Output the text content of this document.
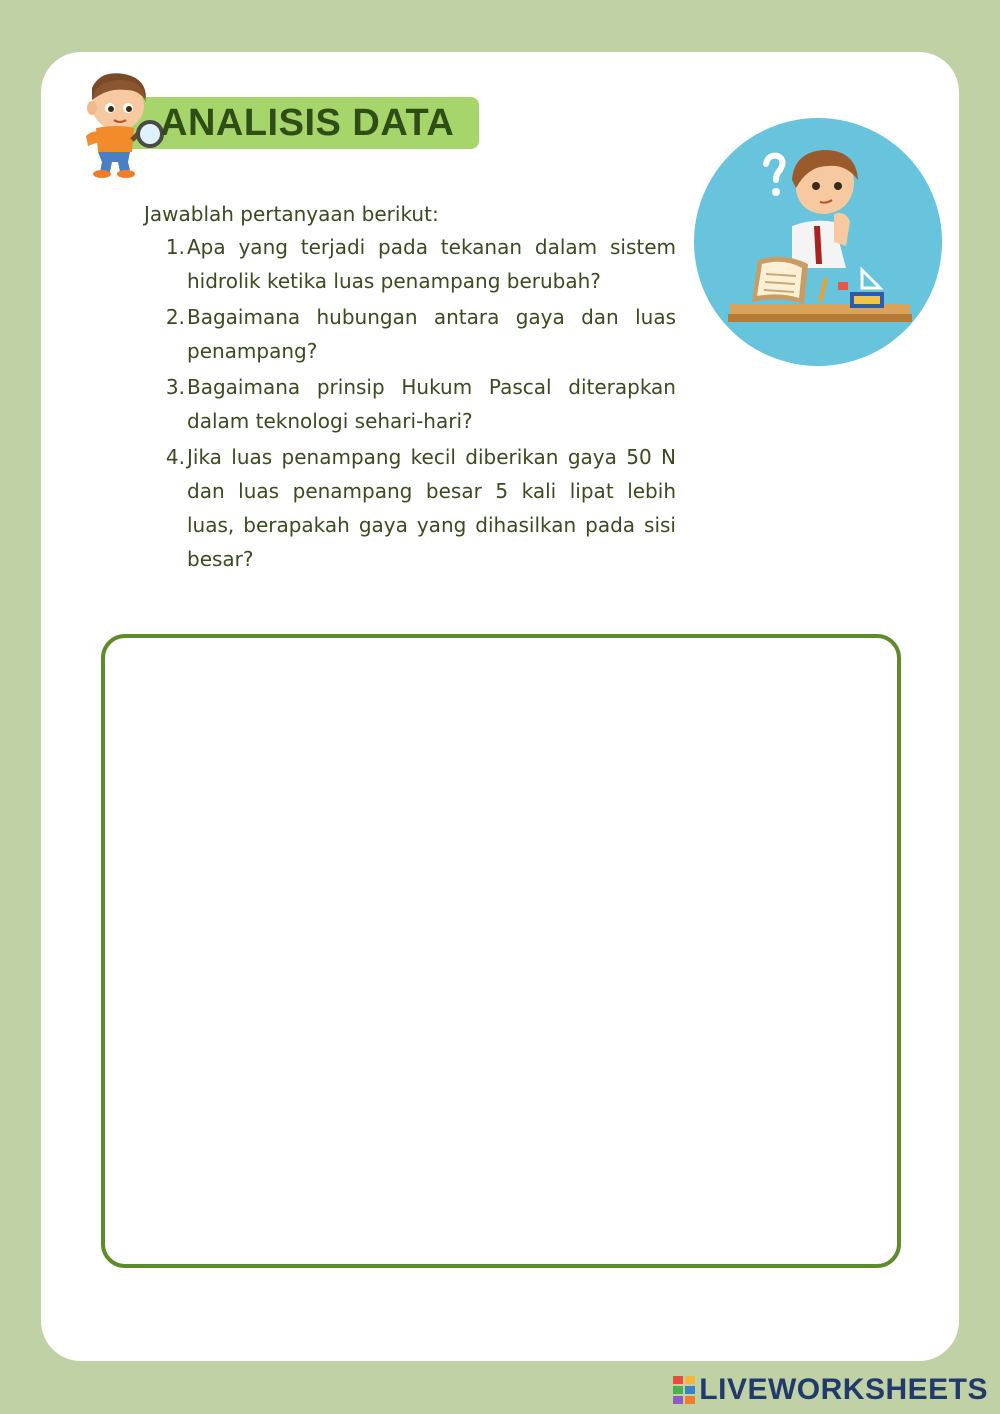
ANALISIS DATA

Jawablah pertanyaan berikut:

1. Apa yang terjadi pada tekanan dalam sistem hidrolik ketika luas penampang berubah?
2. Bagaimana hubungan antara gaya dan luas penampang?
3. Bagaimana prinsip Hukum Pascal diterapkan dalam teknologi sehari-hari?
4. Jika luas penampang kecil diberikan gaya 50 N dan luas penampang besar 5 kali lipat lebih luas, berapakah gaya yang dihasilkan pada sisi besar?
LIVEWORKSHEETS
